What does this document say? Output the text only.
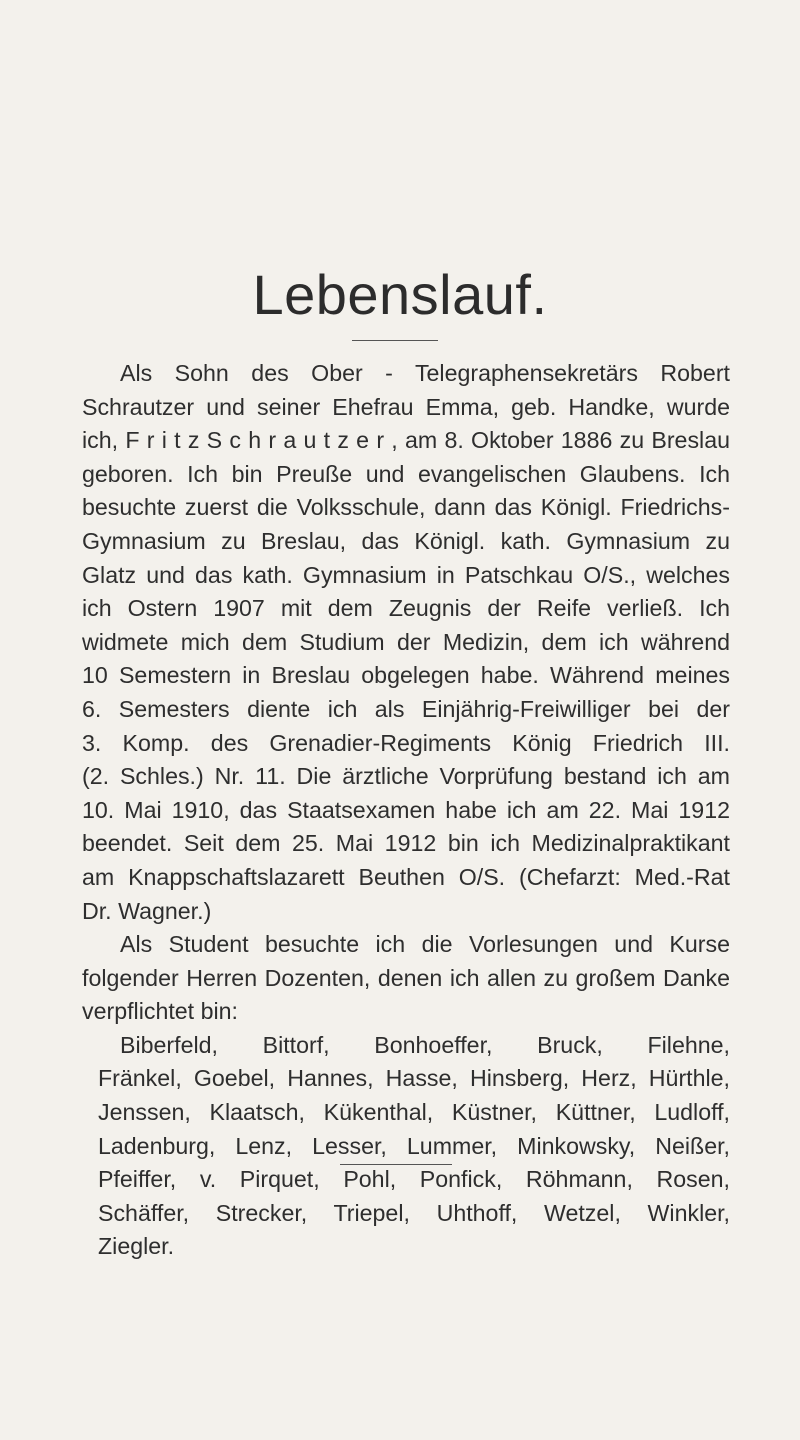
Lebenslauf.
Als Sohn des Ober - Telegraphensekretärs Robert
Schrautzer und seiner Ehefrau Emma, geb. Handke, wurde
ich, F r i t z S c h r a u t z e r , am 8. Oktober 1886 zu Breslau
geboren. Ich bin Preuße und evangelischen Glaubens. Ich
besuchte zuerst die Volksschule, dann das Königl. Friedrichs-
Gymnasium zu Breslau, das Königl. kath. Gymnasium zu
Glatz und das kath. Gymnasium in Patschkau O/S., welches
ich Ostern 1907 mit dem Zeugnis der Reife verließ. Ich
widmete mich dem Studium der Medizin, dem ich während
10 Semestern in Breslau obgelegen habe. Während meines
6. Semesters diente ich als Einjährig-Freiwilliger bei der
3. Komp. des Grenadier-Regiments König Friedrich III.
(2. Schles.) Nr. 11. Die ärztliche Vorprüfung bestand ich am
10. Mai 1910, das Staatsexamen habe ich am 22. Mai 1912
beendet. Seit dem 25. Mai 1912 bin ich Medizinalpraktikant
am Knappschaftslazarett Beuthen O/S. (Chefarzt: Med.-Rat
Dr. Wagner.)
Als Student besuchte ich die Vorlesungen und Kurse
folgender Herren Dozenten, denen ich allen zu großem Danke
verpflichtet bin:
Biberfeld, Bittorf, Bonhoeffer, Bruck, Filehne,
Fränkel, Goebel, Hannes, Hasse, Hinsberg, Herz, Hürthle,
Jenssen, Klaatsch, Kükenthal, Küstner, Küttner, Ludloff,
Ladenburg, Lenz, Lesser, Lummer, Minkowsky, Neißer,
Pfeiffer, v. Pirquet, Pohl, Ponfick, Röhmann, Rosen,
Schäffer, Strecker, Triepel, Uhthoff, Wetzel, Winkler,
Ziegler.
